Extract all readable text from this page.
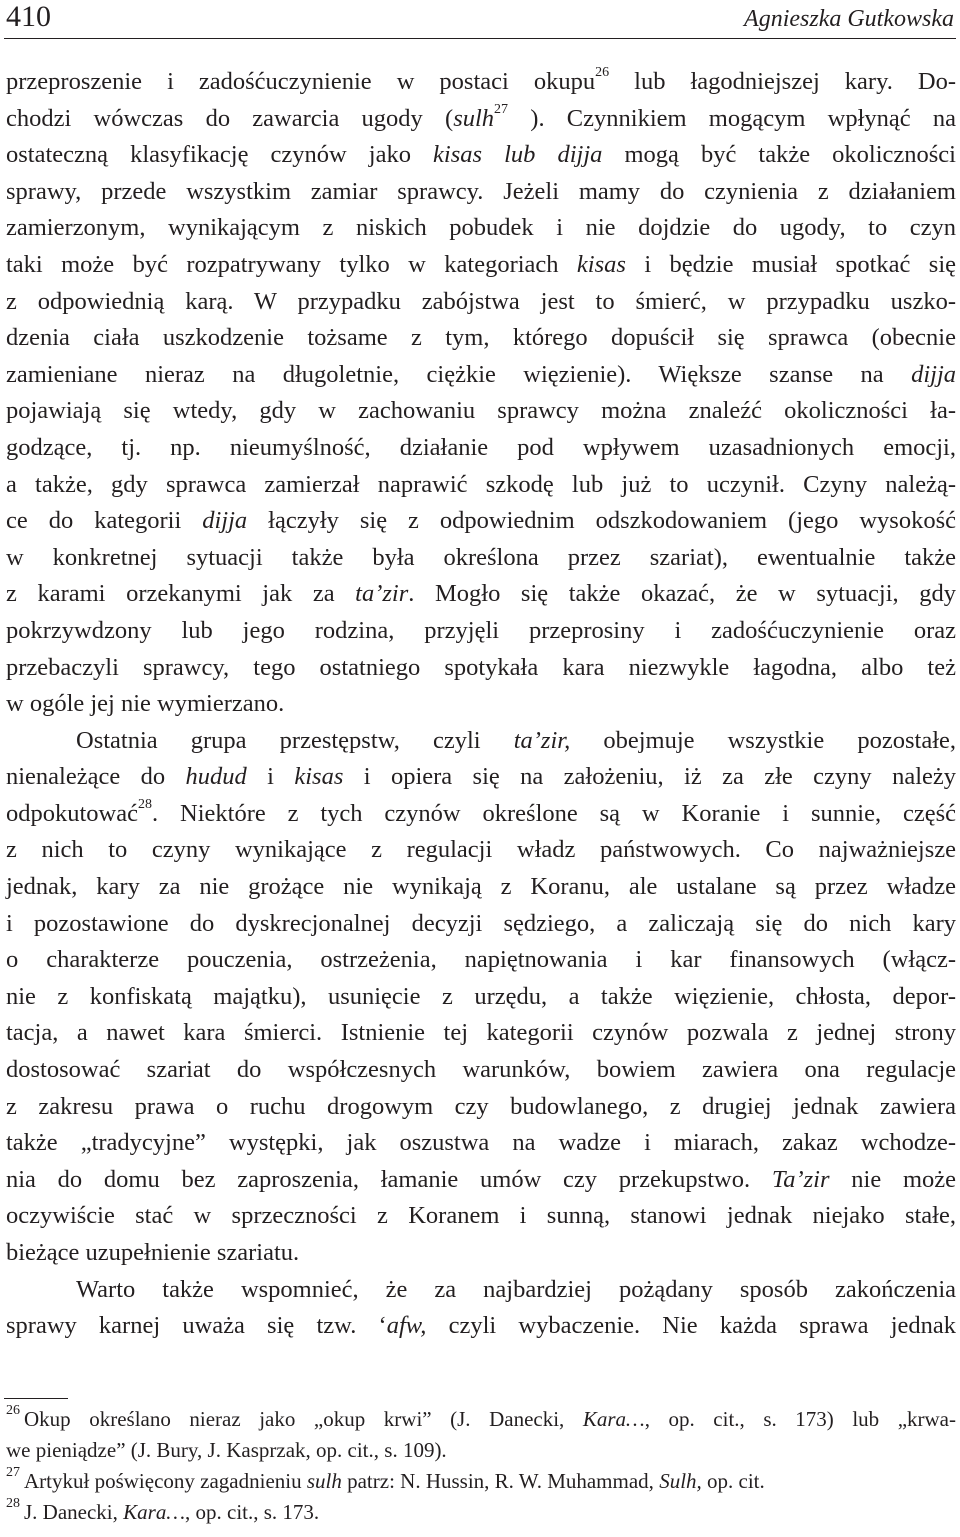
410	Agnieszka Gutkowska
przeproszenie i zadośćuczynienie w postaci okupu$^{26}$ lub łagodniejszej kary. Do-
chodzi wówczas do zawarcia ugody (sulh$^{27}$ ). Czynnikiem mogącym wpłynąć na
ostateczną klasyfikację czynów jako kisas lub dijja mogą być także okoliczności
sprawy, przede wszystkim zamiar sprawcy. Jeżeli mamy do czynienia z działaniem
zamierzonym, wynikającym z niskich pobudek i nie dojdzie do ugody, to czyn
taki może być rozpatrywany tylko w kategoriach kisas i będzie musiał spotkać się
z odpowiednią karą. W przypadku zabójstwa jest to śmierć, w przypadku uszko-
dzenia ciała uszkodzenie tożsame z tym, którego dopuścił się sprawca (obecnie
zamieniane nieraz na długoletnie, ciężkie więzienie). Większe szanse na dijja
pojawiają się wtedy, gdy w zachowaniu sprawcy można znaleźć okoliczności ła-
godzące, tj. np. nieumyślność, działanie pod wpływem uzasadnionych emocji,
a także, gdy sprawca zamierzał naprawić szkodę lub już to uczynił. Czyny należą-
ce do kategorii dijja łączyły się z odpowiednim odszkodowaniem (jego wysokość
w konkretnej sytuacji także była określona przez szariat), ewentualnie także
z karami orzekanymi jak za ta’zir. Mogło się także okazać, że w sytuacji, gdy
pokrzywdzony lub jego rodzina, przyjęli przeprosiny i zadośćuczynienie oraz
przebaczyli sprawcy, tego ostatniego spotykała kara niezwykle łagodna, albo też
w ogóle jej nie wymierzano.
Ostatnia grupa przestępstw, czyli ta’zir, obejmuje wszystkie pozostałe,
nienależące do hudud i kisas i opiera się na założeniu, iż za złe czyny należy
odpokutować$^{28}$. Niektóre z tych czynów określone są w Koranie i sunnie, część
z nich to czyny wynikające z regulacji władz państwowych. Co najważniejsze
jednak, kary za nie grożące nie wynikają z Koranu, ale ustalane są przez władze
i pozostawione do dyskrecjonalnej decyzji sędziego, a zaliczają się do nich kary
o charakterze pouczenia, ostrzeżenia, napiętnowania i kar finansowych (włącz-
nie z konfiskatą majątku), usunięcie z urzędu, a także więzienie, chłosta, depor-
tacja, a nawet kara śmierci. Istnienie tej kategorii czynów pozwala z jednej strony
dostosować szariat do współczesnych warunków, bowiem zawiera ona regulacje
z zakresu prawa o ruchu drogowym czy budowlanego, z drugiej jednak zawiera
także „tradycyjne” występki, jak oszustwa na wadze i miarach, zakaz wchodze-
nia do domu bez zaproszenia, łamanie umów czy przekupstwo. Ta’zir nie może
oczywiście stać w sprzeczności z Koranem i sunną, stanowi jednak niejako stałe,
bieżące uzupełnienie szariatu.
Warto także wspomnieć, że za najbardziej pożądany sposób zakończenia
sprawy karnej uważa się tzw. ‘afw, czyli wybaczenie. Nie każda sprawa jednak
$^{26}$ Okup określano nieraz jako „okup krwi” (J. Danecki, Kara…, op. cit., s. 173) lub „krwa-
we pieniądze” (J. Bury, J. Kasprzak, op. cit., s. 109).
$^{27}$ Artykuł poświęcony zagadnieniu sulh patrz: N. Hussin, R. W. Muhammad, Sulh, op. cit.
$^{28}$ J. Danecki, Kara…, op. cit., s. 173.
